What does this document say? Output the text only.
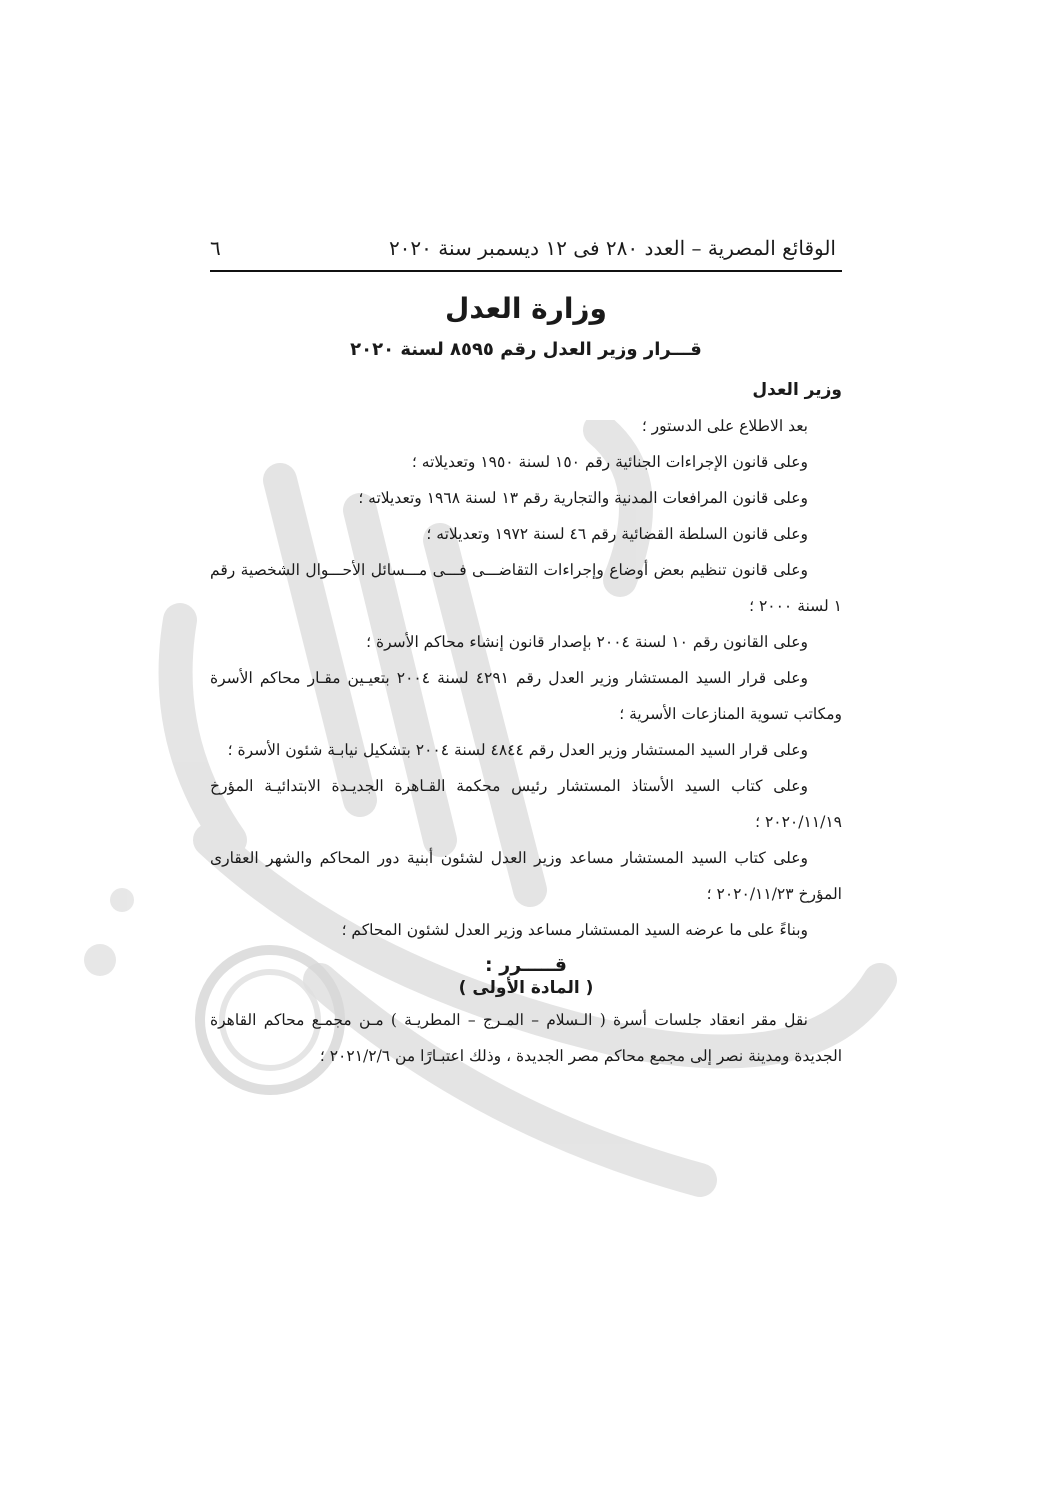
الوقائع المصرية – العدد ٢٨٠ فى ١٢ ديسمبر سنة ٢٠٢٠
٦
وزارة العدل
قـــرار وزير العدل رقم ٨٥٩٥ لسنة ٢٠٢٠
وزير العدل
بعد الاطلاع على الدستور ؛
وعلى قانون الإجراءات الجنائية رقم ١٥٠ لسنة ١٩٥٠ وتعديلاته ؛
وعلى قانون المرافعات المدنية والتجارية رقم ١٣ لسنة ١٩٦٨ وتعديلاته ؛
وعلى قانون السلطة القضائية رقم ٤٦ لسنة ١٩٧٢ وتعديلاته ؛
وعلى قانون تنظيم بعض أوضاع وإجراءات التقاضـــى فـــى مـــسائل الأحـــوال الشخصية رقم ١ لسنة ٢٠٠٠ ؛
وعلى القانون رقم ١٠ لسنة ٢٠٠٤ بإصدار قانون إنشاء محاكم الأسرة ؛
وعلى قرار السيد المستشار وزير العدل رقم ٤٢٩١ لسنة ٢٠٠٤ بتعيـين مقـار محاكم الأسرة ومكاتب تسوية المنازعات الأسرية ؛
وعلى قرار السيد المستشار وزير العدل رقم ٤٨٤٤ لسنة ٢٠٠٤ بتشكيل نيابـة شئون الأسرة ؛
وعلى كتاب السيد الأستاذ المستشار رئيس محكمة القـاهرة الجديـدة الابتدائيـة المؤرخ ٢٠٢٠/١١/١٩ ؛
وعلى كتاب السيد المستشار مساعد وزير العدل لشئون أبنية دور المحاكم والشهر العقارى المؤرخ ٢٠٢٠/١١/٢٣ ؛
وبناءً على ما عرضه السيد المستشار مساعد وزير العدل لشئون المحاكم ؛
قـــــرر :
( المادة الأولى )
نقل مقر انعقاد جلسات أسرة ( الـسلام – المـرج – المطريـة ) مـن مجمـع محاكم القاهرة الجديدة ومدينة نصر إلى مجمع محاكم مصر الجديدة ، وذلك اعتبـارًا من ٢٠٢١/٢/٦ ؛
